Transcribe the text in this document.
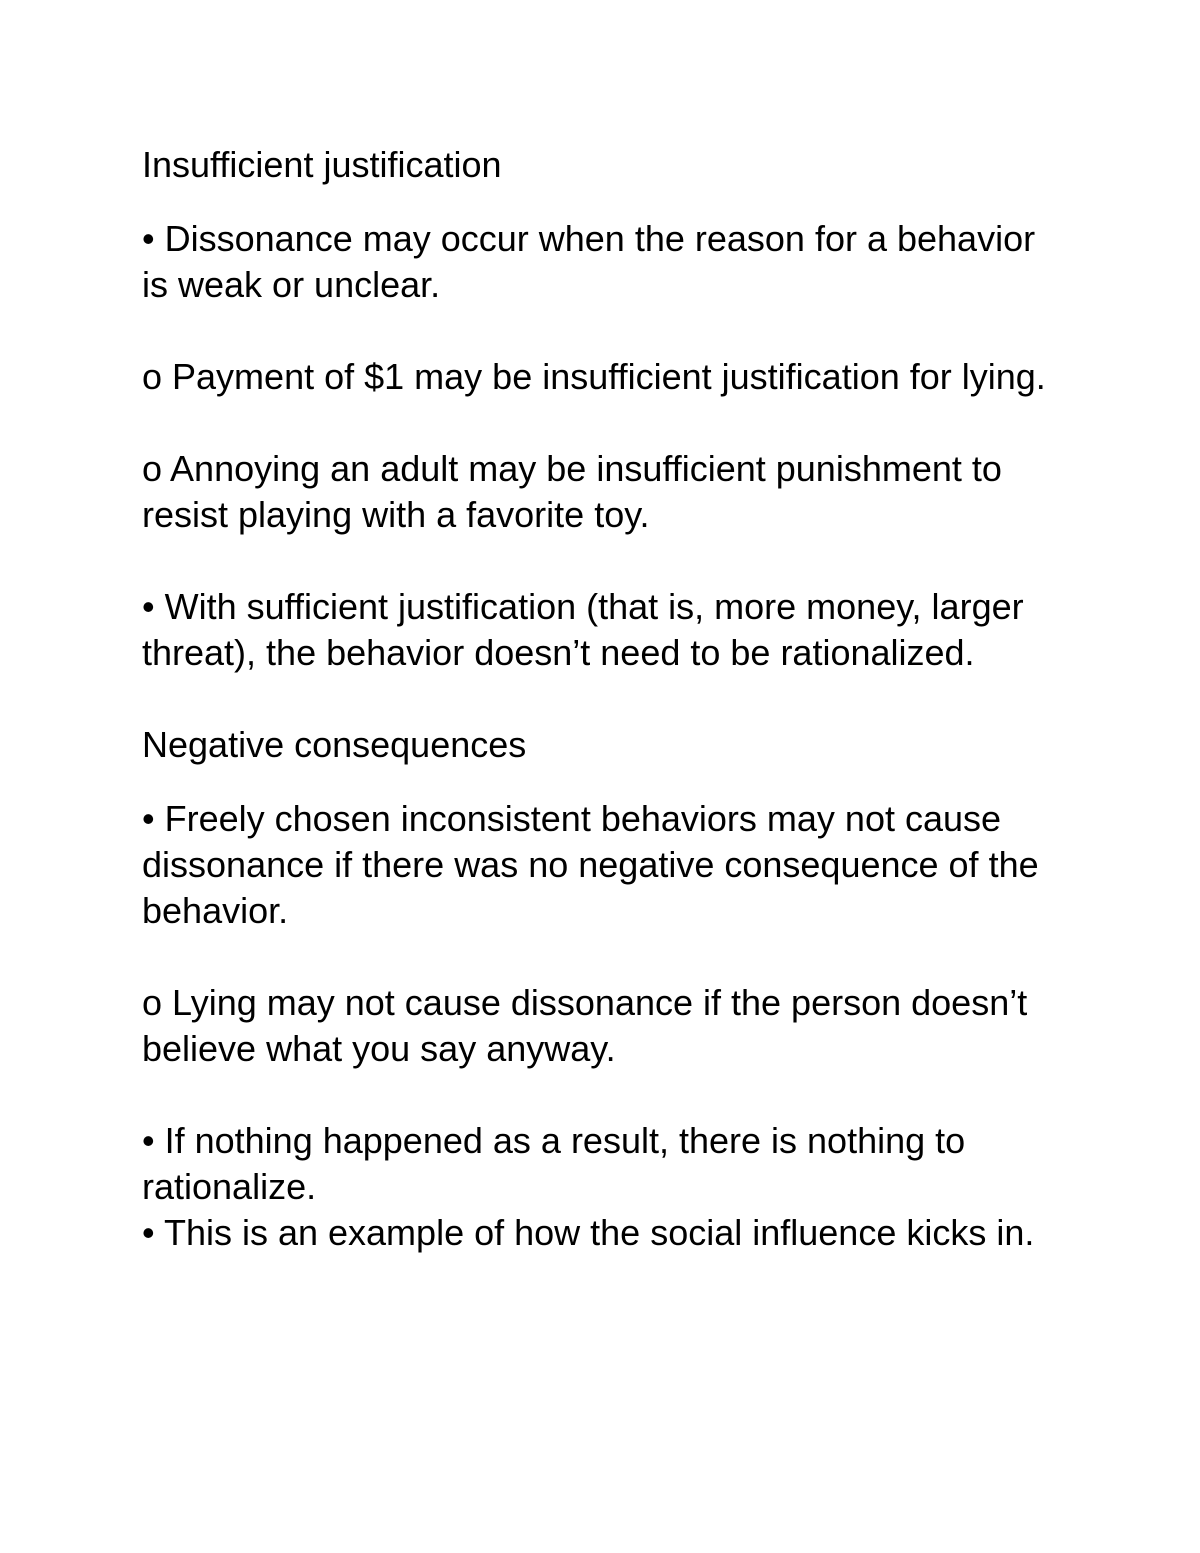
Insufficient justification

• Dissonance may occur when the reason for a behavior is weak or unclear.

o Payment of $1 may be insufficient justification for lying.

o Annoying an adult may be insufficient punishment to resist playing with a favorite toy.

• With sufficient justification (that is, more money, larger threat), the behavior doesn’t need to be rationalized.

Negative consequences

• Freely chosen inconsistent behaviors may not cause dissonance if there was no negative consequence of the behavior.

o Lying may not cause dissonance if the person doesn’t believe what you say anyway.

• If nothing happened as a result, there is nothing to rationalize.

• This is an example of how the social influence kicks in.
